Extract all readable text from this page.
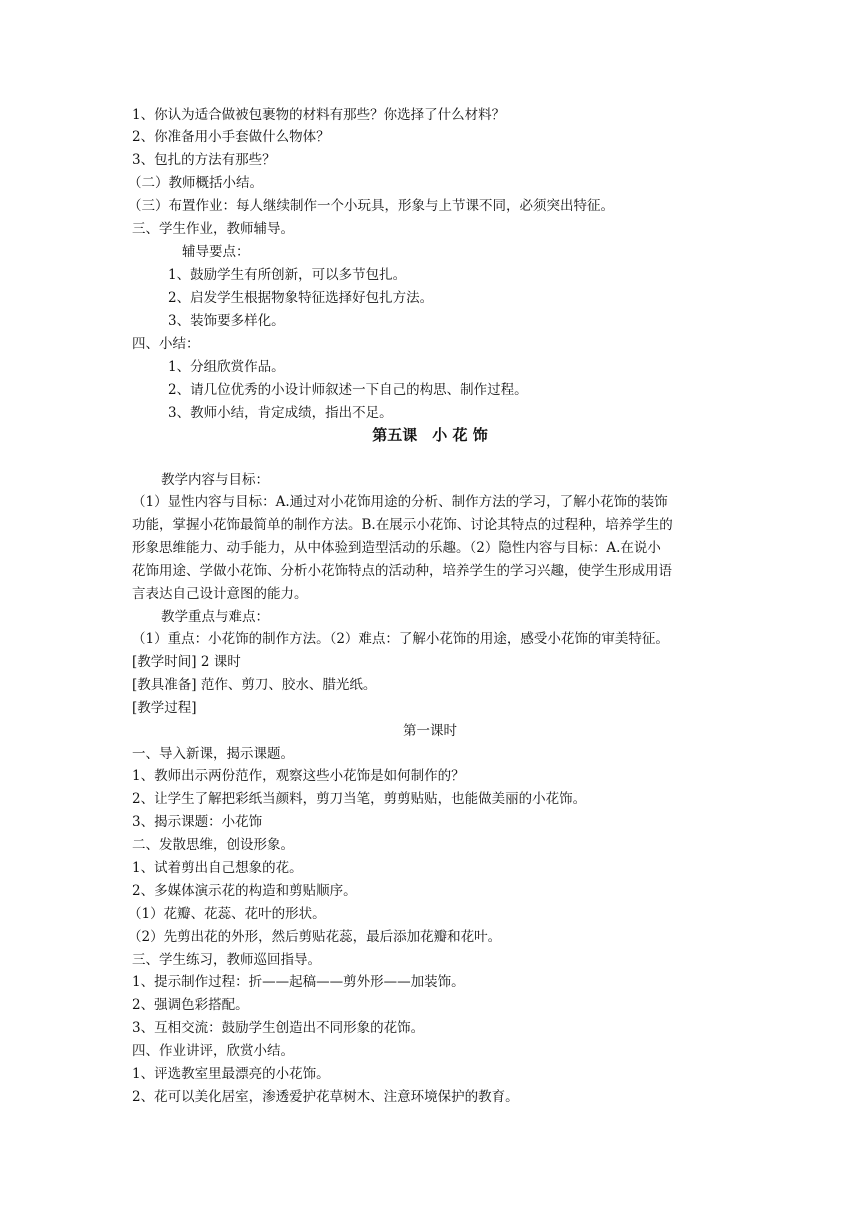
1、你认为适合做被包裹物的材料有那些？你选择了什么材料？
2、你准备用小手套做什么物体？
3、包扎的方法有那些？
（二）教师概括小结。
（三）布置作业：每人继续制作一个小玩具，形象与上节课不同，必须突出特征。
三、学生作业，教师辅导。
辅导要点：
1、鼓励学生有所创新，可以多节包扎。
2、启发学生根据物象特征选择好包扎方法。
3、装饰要多样化。
四、小结：
1、分组欣赏作品。
2、请几位优秀的小设计师叙述一下自己的构思、制作过程。
3、教师小结，肯定成绩，指出不足。
第五课　小 花 饰
教学内容与目标：
（1）显性内容与目标：A.通过对小花饰用途的分析、制作方法的学习，了解小花饰的装饰
功能，掌握小花饰最简单的制作方法。B.在展示小花饰、讨论其特点的过程种，培养学生的
形象思维能力、动手能力，从中体验到造型活动的乐趣。（2）隐性内容与目标：A.在说小
花饰用途、学做小花饰、分析小花饰特点的活动种，培养学生的学习兴趣，使学生形成用语
言表达自己设计意图的能力。
教学重点与难点：
（1）重点：小花饰的制作方法。（2）难点：了解小花饰的用途，感受小花饰的审美特征。
[教学时间] 2 课时
[教具准备] 范作、剪刀、胶水、腊光纸。
[教学过程]
第一课时
一、导入新课，揭示课题。
1、教师出示两份范作，观察这些小花饰是如何制作的？
2、让学生了解把彩纸当颜料，剪刀当笔，剪剪贴贴，也能做美丽的小花饰。
3、揭示课题：小花饰
二、发散思维，创设形象。
1、试着剪出自己想象的花。
2、多媒体演示花的构造和剪贴顺序。
（1）花瓣、花蕊、花叶的形状。
（2）先剪出花的外形，然后剪贴花蕊，最后添加花瓣和花叶。
三、学生练习，教师巡回指导。
1、提示制作过程：折——起稿——剪外形——加装饰。
2、强调色彩搭配。
3、互相交流：鼓励学生创造出不同形象的花饰。
四、作业讲评，欣赏小结。
1、评选教室里最漂亮的小花饰。
2、花可以美化居室，渗透爱护花草树木、注意环境保护的教育。
